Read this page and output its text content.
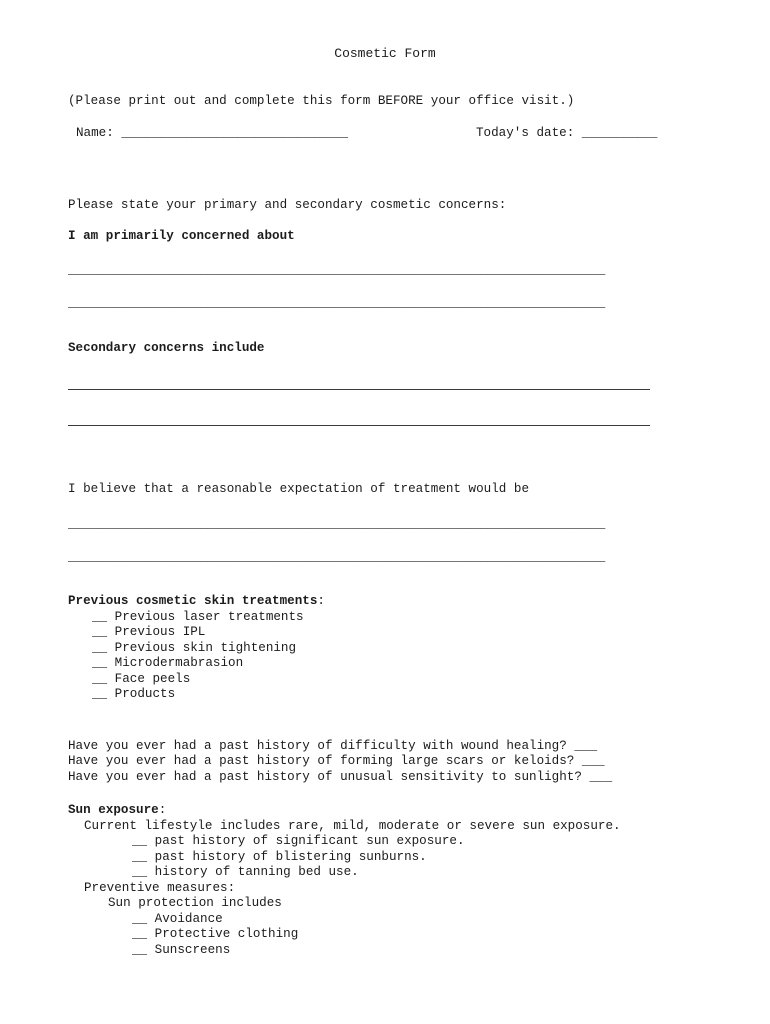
Cosmetic Form
(Please print out and complete this form BEFORE your office visit.)
Name: ______________________________	Today's date: __________
Please state your primary and secondary cosmetic concerns:
I am primarily concerned about
_________________________________________________________________________
_________________________________________________________________________
Secondary concerns include
I believe that a reasonable expectation of treatment would be
_________________________________________________________________________
_________________________________________________________________________
Previous cosmetic skin treatments:
__ Previous laser treatments
__ Previous IPL
__ Previous skin tightening
__ Microdermabrasion
__ Face peels
__ Products
Have you ever had a past history of difficulty with wound healing? ___
Have you ever had a past history of forming large scars or keloids? ___
Have you ever had a past history of unusual sensitivity to sunlight? ___
Sun exposure:
Current lifestyle includes rare, mild, moderate or severe sun exposure.
__ past history of significant sun exposure.
__ past history of blistering sunburns.
__ history of tanning bed use.
Preventive measures:
Sun protection includes
__ Avoidance
__ Protective clothing
__ Sunscreens
